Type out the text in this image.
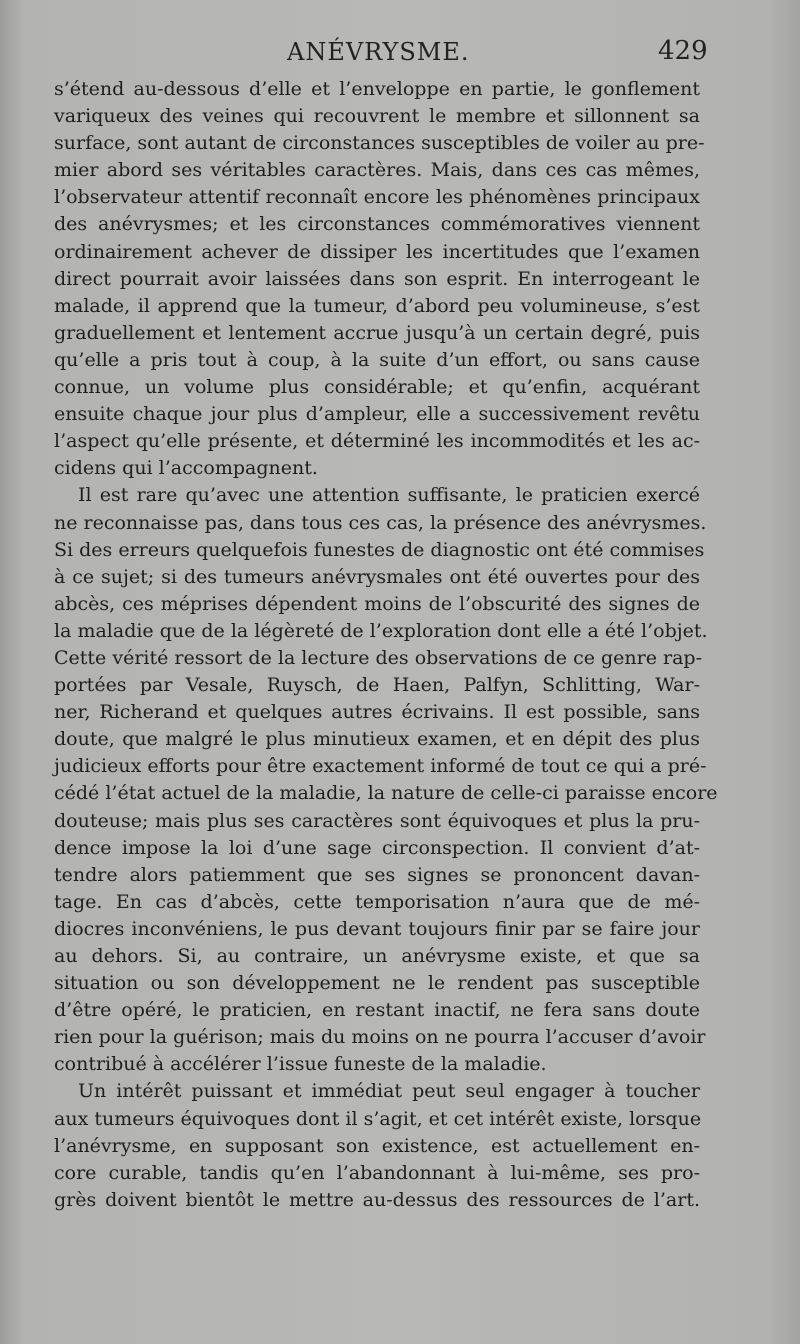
ANÉVRYSME.	429
s’étend au-dessous d’elle et l’enveloppe en partie, le gonflement
variqueux des veines qui recouvrent le membre et sillonnent sa
surface, sont autant de circonstances susceptibles de voiler au pre-
mier abord ses véritables caractères. Mais, dans ces cas mêmes,
l’observateur attentif reconnaît encore les phénomènes principaux
des anévrysmes; et les circonstances commémoratives viennent
ordinairement achever de dissiper les incertitudes que l’examen
direct pourrait avoir laissées dans son esprit. En interrogeant le
malade, il apprend que la tumeur, d’abord peu volumineuse, s’est
graduellement et lentement accrue jusqu’à un certain degré, puis
qu’elle a pris tout à coup, à la suite d’un effort, ou sans cause
connue, un volume plus considérable; et qu’enfin, acquérant
ensuite chaque jour plus d’ampleur, elle a successivement revêtu
l’aspect qu’elle présente, et déterminé les incommodités et les ac-
cidens qui l’accompagnent.
Il est rare qu’avec une attention suffisante, le praticien exercé
ne reconnaisse pas, dans tous ces cas, la présence des anévrysmes.
Si des erreurs quelquefois funestes de diagnostic ont été commises
à ce sujet; si des tumeurs anévrysmales ont été ouvertes pour des
abcès, ces méprises dépendent moins de l’obscurité des signes de
la maladie que de la légèreté de l’exploration dont elle a été l’objet.
Cette vérité ressort de la lecture des observations de ce genre rap-
portées par Vesale, Ruysch, de Haen, Palfyn, Schlitting, War-
ner, Richerand et quelques autres écrivains. Il est possible, sans
doute, que malgré le plus minutieux examen, et en dépit des plus
judicieux efforts pour être exactement informé de tout ce qui a pré-
cédé l’état actuel de la maladie, la nature de celle-ci paraisse encore
douteuse; mais plus ses caractères sont équivoques et plus la pru-
dence impose la loi d’une sage circonspection. Il convient d’at-
tendre alors patiemment que ses signes se prononcent davan-
tage. En cas d’abcès, cette temporisation n’aura que de mé-
diocres inconvéniens, le pus devant toujours finir par se faire jour
au dehors. Si, au contraire, un anévrysme existe, et que sa
situation ou son développement ne le rendent pas susceptible
d’être opéré, le praticien, en restant inactif, ne fera sans doute
rien pour la guérison; mais du moins on ne pourra l’accuser d’avoir
contribué à accélérer l’issue funeste de la maladie.
Un intérêt puissant et immédiat peut seul engager à toucher
aux tumeurs équivoques dont il s’agit, et cet intérêt existe, lorsque
l’anévrysme, en supposant son existence, est actuellement en-
core curable, tandis qu’en l’abandonnant à lui-même, ses pro-
grès doivent bientôt le mettre au-dessus des ressources de l’art.
